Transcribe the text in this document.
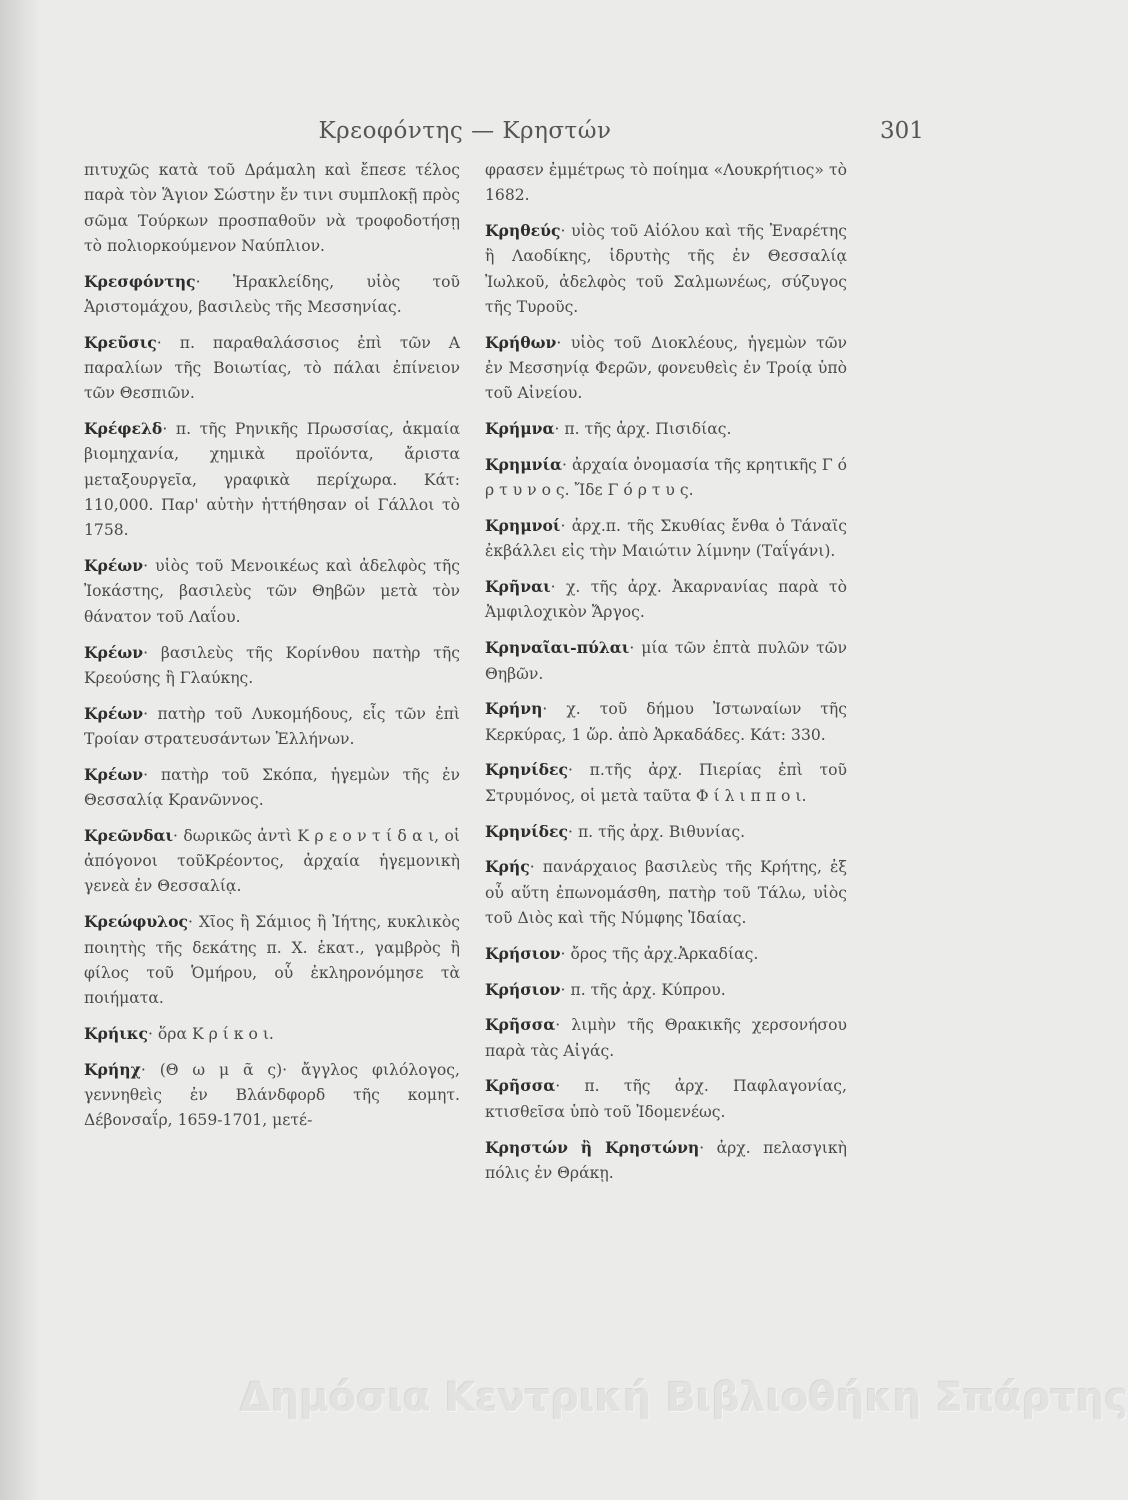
Κρεοφόντης — Κρηστών	301

πιτυχῶς κατὰ τοῦ Δράμαλη καὶ ἔπεσε τέλος παρὰ τὸν Ἅγιον Σώστην ἔν τινι συμπλοκῇ πρὸς σῶμα Τούρκων προσπαθοῦν νὰ τροφοδοτήσῃ τὸ πολιορκούμενον Ναύπλιον.

Κρεσφόντης· Ἡρακλείδης, υἱὸς τοῦ Ἀριστομάχου, βασιλεὺς τῆς Μεσσηνίας.

Κρεῦσις· π. παραθαλάσσιος ἐπὶ τῶν Α παραλίων τῆς Βοιωτίας, τὸ πάλαι ἐπίνειον τῶν Θεσπιῶν.

Κρέφελδ· π. τῆς Ρηνικῆς Πρωσσίας, ἀκμαία βιομηχανία, χημικὰ προϊόντα, ἄριστα μεταξουργεῖα, γραφικὰ περίχωρα. Κάτ: 110,000. Παρ' αὐτὴν ἡττήθησαν οἱ Γάλλοι τὸ 1758.

Κρέων· υἱὸς τοῦ Μενοικέως καὶ ἀδελφὸς τῆς Ἰοκάστης, βασιλεὺς τῶν Θηβῶν μετὰ τὸν θάνατον τοῦ Λαΐου.

Κρέων· βασιλεὺς τῆς Κορίνθου πατὴρ τῆς Κρεούσης ἢ Γλαύκης.

Κρέων· πατὴρ τοῦ Λυκομήδους, εἷς τῶν ἐπὶ Τροίαν στρατευσάντων Ἑλλήνων.

Κρέων· πατὴρ τοῦ Σκόπα, ἡγεμὼν τῆς ἐν Θεσσαλίᾳ Κρανῶννος.

Κρεῶνδαι· δωρικῶς ἀντὶ Κ ρ ε ο ν τ ί δ α ι, οἱ ἀπόγονοι τοῦΚρέοντος, ἀρχαία ἡγεμονικὴ γενεὰ ἐν Θεσσαλίᾳ.

Κρεώφυλος· Χῖος ἢ Σάμιος ἢ Ἰήτης, κυκλικὸς ποιητὴς τῆς δεκάτης π. Χ. ἑκατ., γαμβρὸς ἢ φίλος τοῦ Ὁμήρου, οὗ ἐκληρονόμησε τὰ ποιήματα.

Κρήικς· ὅρα Κ ρ ί κ ο ι.

Κρήηχ· (Θ ω μ ᾶ ς)· ἄγγλος φιλόλογος, γεννηθεὶς ἐν Βλάνδφορδ τῆς κομητ. Δέβονσαΐρ, 1659-1701, μετέ-

φρασεν ἐμμέτρως τὸ ποίημα «Λουκρήτιος» τὸ 1682.

Κρηθεύς· υἱὸς τοῦ Αἰόλου καὶ τῆς Ἐναρέτης ἢ Λαοδίκης, ἱδρυτὴς τῆς ἐν Θεσσαλίᾳ Ἰωλκοῦ, ἀδελφὸς τοῦ Σαλμωνέως, σύζυγος τῆς Τυροῦς.

Κρήθων· υἱὸς τοῦ Διοκλέους, ἡγεμὼν τῶν ἐν Μεσσηνίᾳ Φερῶν, φονευθεὶς ἐν Τροίᾳ ὑπὸ τοῦ Αἰνείου.

Κρήμνα· π. τῆς ἀρχ. Πισιδίας.

Κρημνία· ἀρχαία ὀνομασία τῆς κρητικῆς Γ ό ρ τ υ ν ο ς. Ἴδε Γ ό ρ τ υ ς.

Κρημνοί· ἀρχ.π. τῆς Σκυθίας ἔνθα ὁ Τάναϊς ἐκβάλλει εἰς τὴν Μαιώτιν λίμνην (Ταΐγάνι).

Κρῆναι· χ. τῆς ἀρχ. Ἀκαρνανίας παρὰ τὸ Ἀμφιλοχικὸν Ἄργος.

Κρηναῖαι-πύλαι· μία τῶν ἑπτὰ πυλῶν τῶν Θηβῶν.

Κρήνη· χ. τοῦ δήμου Ἰστωναίων τῆς Κερκύρας, 1 ὥρ. ἀπὸ Ἀρκαδάδες. Κάτ: 330.

Κρηνίδες· π.τῆς ἀρχ. Πιερίας ἐπὶ τοῦ Στρυμόνος, οἱ μετὰ ταῦτα Φ ί λ ι π π ο ι.

Κρηνίδες· π. τῆς ἀρχ. Βιθυνίας.

Κρής· πανάρχαιος βασιλεὺς τῆς Κρήτης, ἐξ οὗ αὕτη ἐπωνομάσθη, πατὴρ τοῦ Τάλω, υἱὸς τοῦ Διὸς καὶ τῆς Νύμφης Ἰδαίας.

Κρήσιον· ὄρος τῆς ἀρχ.Ἀρκαδίας.

Κρήσιον· π. τῆς ἀρχ. Κύπρου.

Κρῆσσα· λιμὴν τῆς Θρακικῆς χερσονήσου παρὰ τὰς Αἰγάς.

Κρῆσσα· π. τῆς ἀρχ. Παφλαγονίας, κτισθεῖσα ὑπὸ τοῦ Ἰδομενέως.

Κρηστών ἢ Κρηστώνη· ἀρχ. πελασγικὴ πόλις ἐν Θράκῃ.

Δημόσια Κεντρική Βιβλιοθήκη Σπάρτης
